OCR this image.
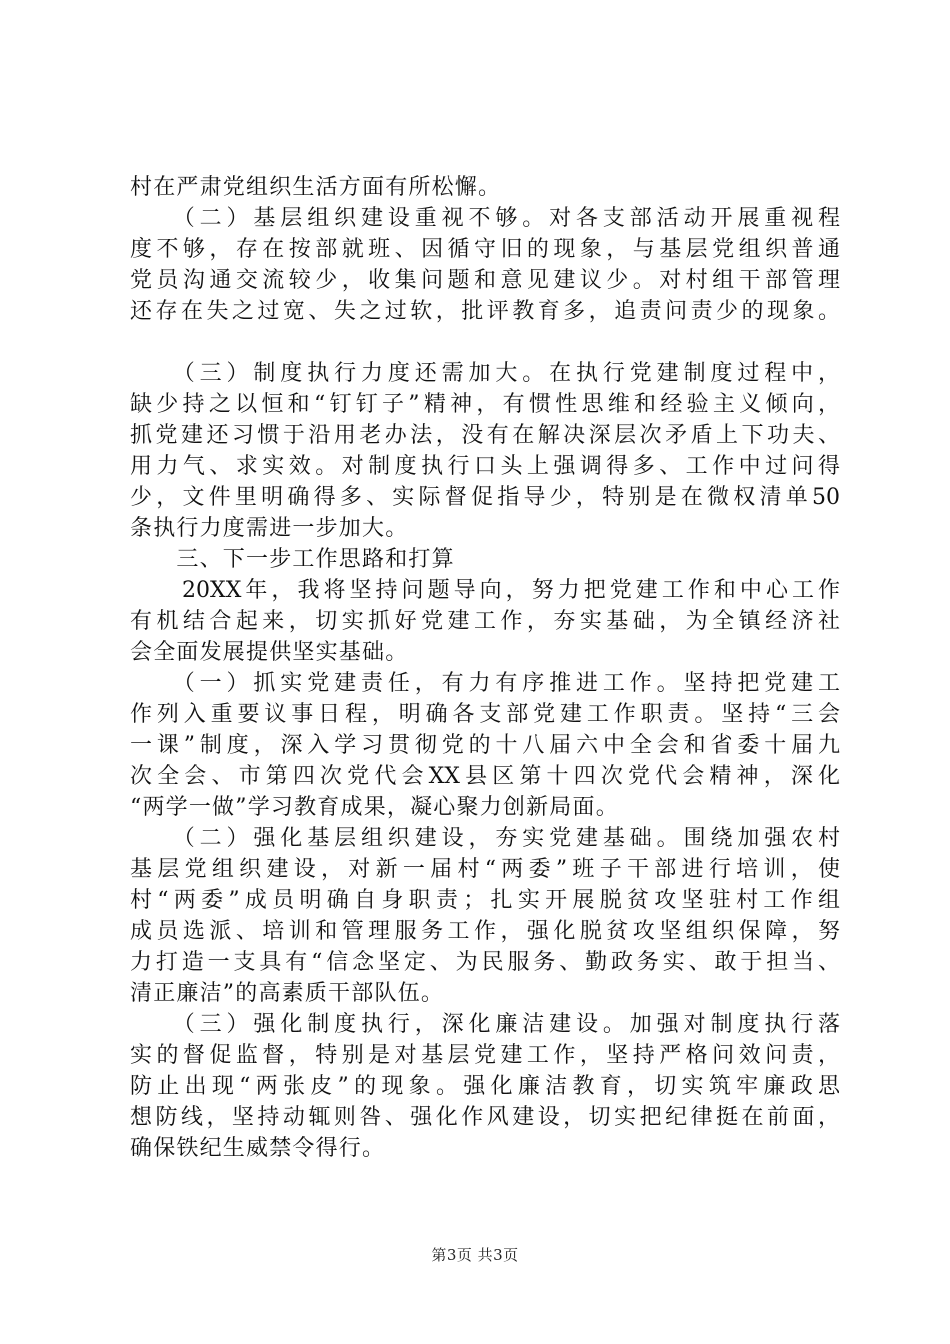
村在严肃党组织生活方面有所松懈。
　　（二）基层组织建设重视不够。对各支部活动开展重视程
度不够，存在按部就班、因循守旧的现象，与基层党组织普通
党员沟通交流较少，收集问题和意见建议少。对村组干部管理
还存在失之过宽、失之过软，批评教育多，追责问责少的现象。
　　（三）制度执行力度还需加大。在执行党建制度过程中，
缺少持之以恒和“钉钉子”精神，有惯性思维和经验主义倾向，
抓党建还习惯于沿用老办法，没有在解决深层次矛盾上下功夫、
用力气、求实效。对制度执行口头上强调得多、工作中过问得
少，文件里明确得多、实际督促指导少，特别是在微权清单50
条执行力度需进一步加大。
　　三、下一步工作思路和打算
　　20XX年，我将坚持问题导向，努力把党建工作和中心工作
有机结合起来，切实抓好党建工作，夯实基础，为全镇经济社
会全面发展提供坚实基础。
　　（一）抓实党建责任，有力有序推进工作。坚持把党建工
作列入重要议事日程，明确各支部党建工作职责。坚持“三会
一课”制度，深入学习贯彻党的十八届六中全会和省委十届九
次全会、市第四次党代会XX县区第十四次党代会精神，深化
“两学一做”学习教育成果，凝心聚力创新局面。
　　（二）强化基层组织建设，夯实党建基础。围绕加强农村
基层党组织建设，对新一届村“两委”班子干部进行培训，使
村“两委”成员明确自身职责；扎实开展脱贫攻坚驻村工作组
成员选派、培训和管理服务工作，强化脱贫攻坚组织保障，努
力打造一支具有“信念坚定、为民服务、勤政务实、敢于担当、
清正廉洁”的高素质干部队伍。
　　（三）强化制度执行，深化廉洁建设。加强对制度执行落
实的督促监督，特别是对基层党建工作，坚持严格问效问责，
防止出现“两张皮”的现象。强化廉洁教育，切实筑牢廉政思
想防线，坚持动辄则咎、强化作风建设，切实把纪律挺在前面，
确保铁纪生威禁令得行。
第3页 共3页
